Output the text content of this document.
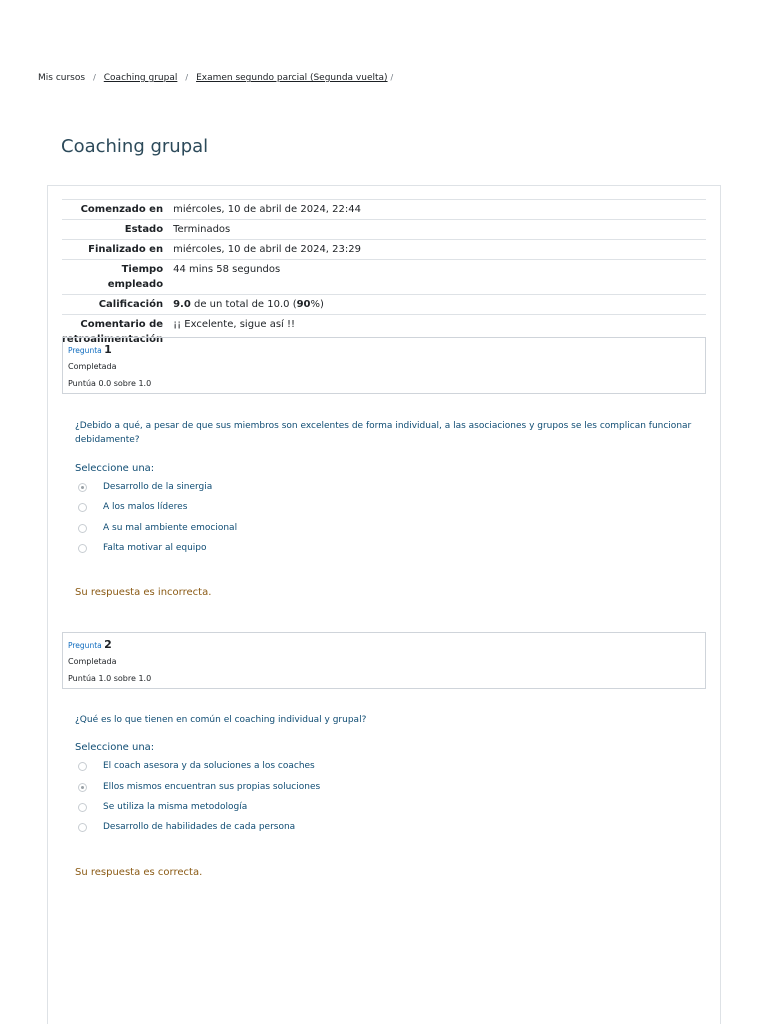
Mis cursos / Coaching grupal / Examen segundo parcial (Segunda vuelta) /
Coaching grupal
Comenzado en	miércoles, 10 de abril de 2024, 22:44
Estado	Terminados
Finalizado en	miércoles, 10 de abril de 2024, 23:29
Tiempo
empleado	44 mins 58 segundos
Calificación	9.0 de un total de 10.0 (90%)
Comentario de
retroalimentación	¡¡ Excelente, sigue así !!
Pregunta 1
Completada
Puntúa 0.0 sobre 1.0
¿Debido a qué, a pesar de que sus miembros son excelentes de forma individual, a las asociaciones y grupos se les complican funcionar debidamente?
Seleccione una:
Desarrollo de la sinergia
A los malos líderes
A su mal ambiente emocional
Falta motivar al equipo
Su respuesta es incorrecta.
Pregunta 2
Completada
Puntúa 1.0 sobre 1.0
¿Qué es lo que tienen en común el coaching individual y grupal?
Seleccione una:
El coach asesora y da soluciones a los coaches
Ellos mismos encuentran sus propias soluciones
Se utiliza la misma metodología
Desarrollo de habilidades de cada persona
Su respuesta es correcta.
